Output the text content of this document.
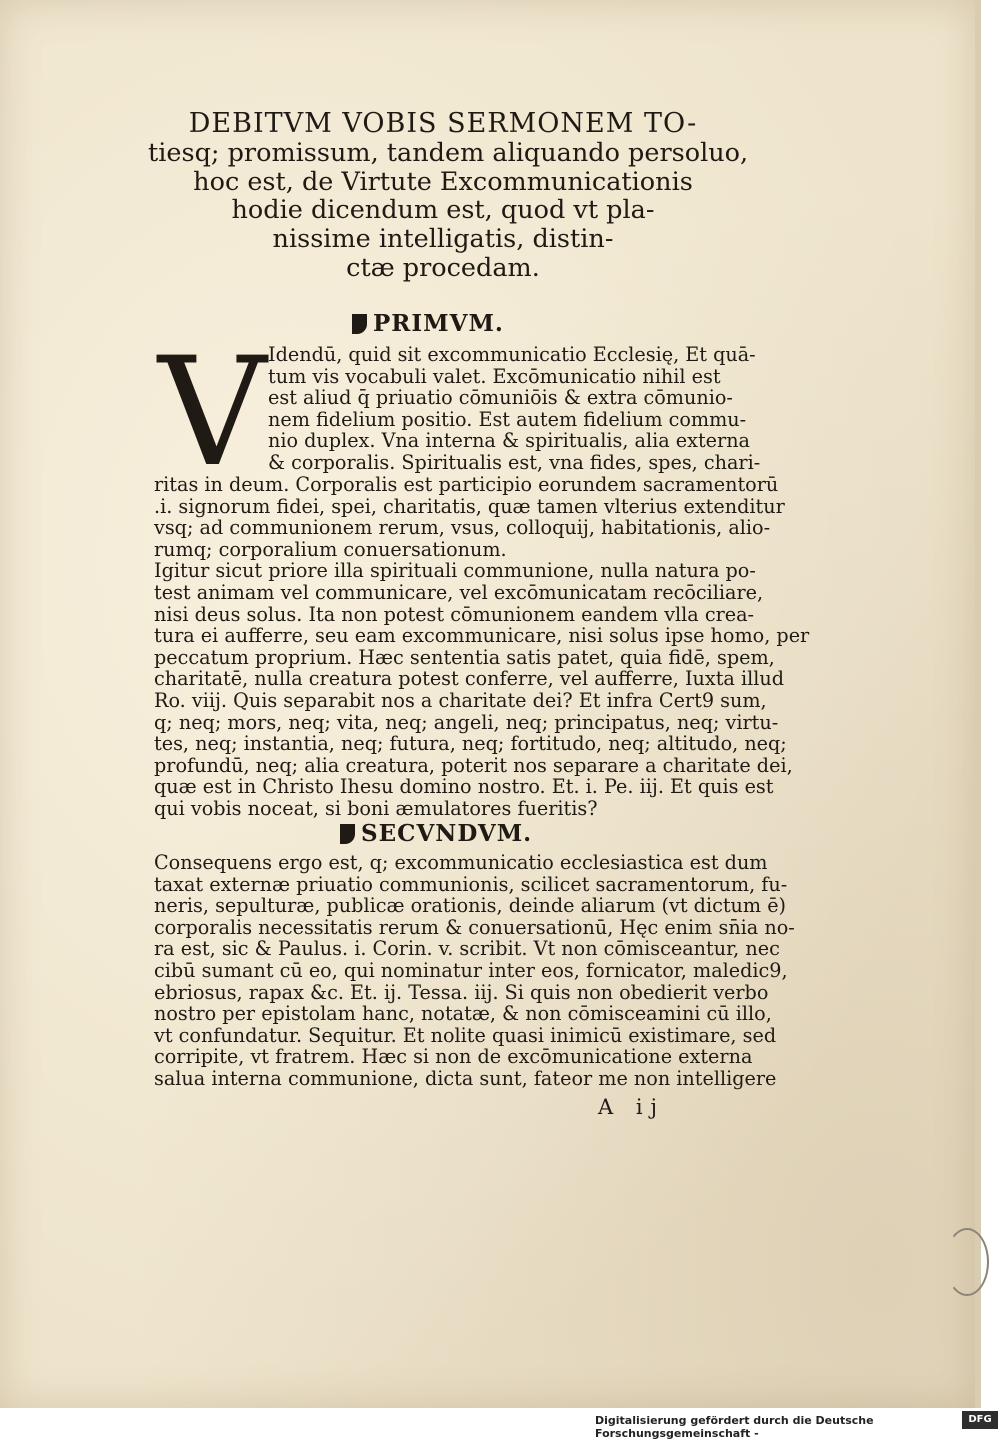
DEBITVM VOBIS SERMONEM TO-
tiesq; promissum, tandem aliquando persoluo,
hoc est, de Virtute Excommunicationis
hodie dicendum est, quod vt pla-
nissime intelligatis, distin-
ctæ procedam.
PRIMVM.
V Idendū, quid sit excommunicatio Ecclesię, Et quā-
tum vis vocabuli valet. Excōmunicatio nihil est
est aliud q̄ priuatio cōmuniōis & extra cōmunio-
nem fidelium positio. Est autem fidelium commu-
nio duplex. Vna interna & spiritualis, alia externa
& corporalis. Spiritualis est, vna fides, spes, chari-
ritas in deum. Corporalis est participio eorundem sacramentorū
.i. signorum fidei, spei, charitatis, quæ tamen vlterius extenditur
vsq; ad communionem rerum, vsus, colloquij, habitationis, alio-
rumq; corporalium conuersationum.
Igitur sicut priore illa spirituali communione, nulla natura po-
test animam vel communicare, vel excōmunicatam recōciliare,
nisi deus solus. Ita non potest cōmunionem eandem vlla crea-
tura ei aufferre, seu eam excommunicare, nisi solus ipse homo, per
peccatum proprium. Hæc sententia satis patet, quia fidē, spem,
charitatē, nulla creatura potest conferre, vel aufferre, Iuxta illud
Ro. viij. Quis separabit nos a charitate dei? Et infra Cert9 sum,
q; neq; mors, neq; vita, neq; angeli, neq; principatus, neq; virtu-
tes, neq; instantia, neq; futura, neq; fortitudo, neq; altitudo, neq;
profundū, neq; alia creatura, poterit nos separare a charitate dei,
quæ est in Christo Ihesu domino nostro. Et. i. Pe. iij. Et quis est
qui vobis noceat, si boni æmulatores fueritis?
SECVNDVM.
Consequens ergo est, q; excommunicatio ecclesiastica est dum
taxat externæ priuatio communionis, scilicet sacramentorum, fu-
neris, sepulturæ, publicæ orationis, deinde aliarum (vt dictum ē)
corporalis necessitatis rerum & conuersationū, Hęc enim sn̄ia no-
ra est, sic & Paulus. i. Corin. v. scribit. Vt non cōmisceantur, nec
cibū sumant cū eo, qui nominatur inter eos, fornicator, maledic9,
ebriosus, rapax &c. Et. ij. Tessa. iij. Si quis non obedierit verbo
nostro per epistolam hanc, notatæ, & non cōmisceamini cū illo,
vt confundatur. Sequitur. Et nolite quasi inimicū existimare, sed
corripite, vt fratrem. Hæc si non de excōmunicatione externa
salua interna communione, dicta sunt, fateor me non intelligere
A ij
Digitalisierung gefördert durch die Deutsche Forschungsgemeinschaft -
DFG
